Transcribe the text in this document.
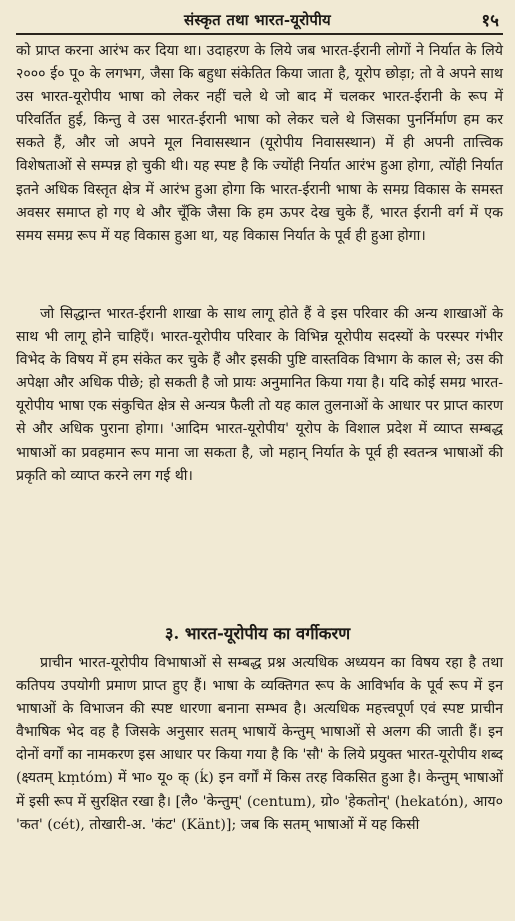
संस्कृत तथा भारत-यूरोपीय	१५

को प्राप्त करना आरंभ कर दिया था। उदाहरण के लिये जब भारत-ईरानी लोगों ने निर्यात के लिये २००० ई० पू० के लगभग, जैसा कि बहुधा संकेतित किया जाता है, यूरोप छोड़ा; तो वे अपने साथ उस भारत-यूरोपीय भाषा को लेकर नहीं चले थे जो बाद में चलकर भारत-ईरानी के रूप में परिवर्तित हुई, किन्तु वे उस भारत-ईरानी भाषा को लेकर चले थे जिसका पुनर्निर्माण हम कर सकते हैं, और जो अपने मूल निवासस्थान (यूरोपीय निवासस्थान) में ही अपनी तात्त्विक विशेषताओं से सम्पन्न हो चुकी थी। यह स्पष्ट है कि ज्योंही निर्यात आरंभ हुआ होगा, त्योंही निर्यात इतने अधिक विस्तृत क्षेत्र में आरंभ हुआ होगा कि भारत-ईरानी भाषा के समग्र विकास के समस्त अवसर समाप्त हो गए थे और चूँकि जैसा कि हम ऊपर देख चुके हैं, भारत ईरानी वर्ग में एक समय समग्र रूप में यह विकास हुआ था, यह विकास निर्यात के पूर्व ही हुआ होगा।

जो सिद्धान्त भारत-ईरानी शाखा के साथ लागू होते हैं वे इस परिवार की अन्य शाखाओं के साथ भी लागू होने चाहिएँ। भारत-यूरोपीय परिवार के विभिन्न यूरोपीय सदस्यों के परस्पर गंभीर विभेद के विषय में हम संकेत कर चुके हैं और इसकी पुष्टि वास्तविक विभाग के काल से; उस की अपेक्षा और अधिक पीछे; हो सकती है जो प्रायः अनुमानित किया गया है। यदि कोई समग्र भारत-यूरोपीय भाषा एक संकुचित क्षेत्र से अन्यत्र फैली तो यह काल तुलनाओं के आधार पर प्राप्त कारण से और अधिक पुराना होगा। 'आदिम भारत-यूरोपीय' यूरोप के विशाल प्रदेश में व्याप्त सम्बद्ध भाषाओं का प्रवहमान रूप माना जा सकता है, जो महान् निर्यात के पूर्व ही स्वतन्त्र भाषाओं की प्रकृति को व्याप्त करने लग गई थी।

३. भारत-यूरोपीय का वर्गीकरण

प्राचीन भारत-यूरोपीय विभाषाओं से सम्बद्ध प्रश्न अत्यधिक अध्ययन का विषय रहा है तथा कतिपय उपयोगी प्रमाण प्राप्त हुए हैं। भाषा के व्यक्तिगत रूप के आविर्भाव के पूर्व रूप में इन भाषाओं के विभाजन की स्पष्ट धारणा बनाना सम्भव है। अत्यधिक महत्त्वपूर्ण एवं स्पष्ट प्राचीन वैभाषिक भेद वह है जिसके अनुसार सतम् भाषायें केन्तुम् भाषाओं से अलग की जाती हैं। इन दोनों वर्गों का नामकरण इस आधार पर किया गया है कि 'सौ' के लिये प्रयुक्त भारत-यूरोपीय शब्द (क्ष्यतम् kṃtóm) में भा० यू० क् (ḱ) इन वर्गों में किस तरह विकसित हुआ है। केन्तुम् भाषाओं में इसी रूप में सुरक्षित रखा है। [लै० 'केन्तुम्' (centum), ग्रो० 'हेकतोन्' (hekatón), आय० 'कत' (cét), तोखारी-अ. 'कंट' (Känt)]; जब कि सतम् भाषाओं में यह किसी
